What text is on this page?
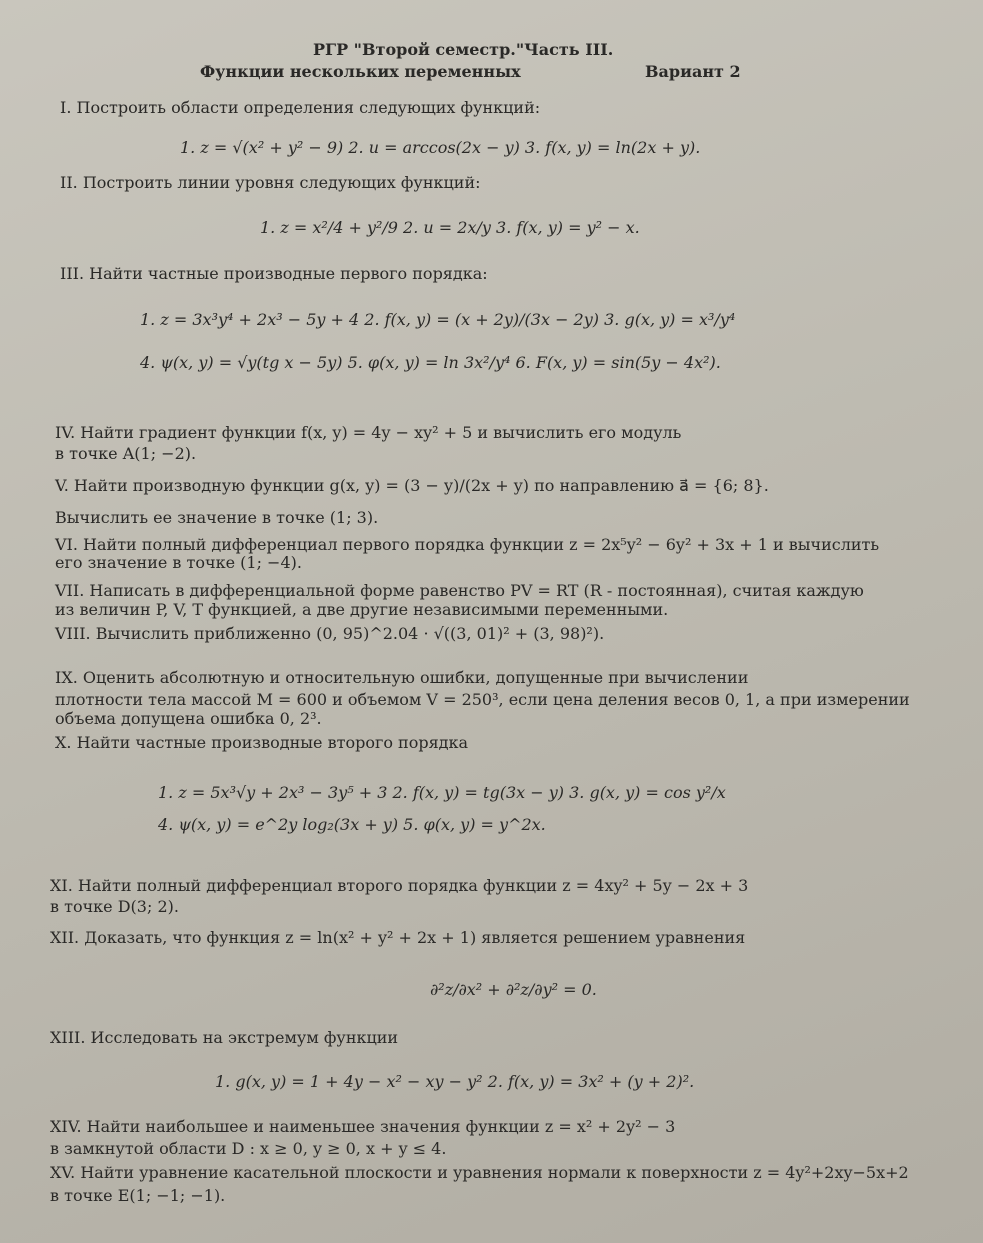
РГР "Второй семестр."Часть III.
Функции нескольких переменных	Вариант 2
I. Построить области определения следующих функций:
1. z = √(x² + y² − 9) 2. u = arccos(2x − y) 3. f(x, y) = ln(2x + y).
II. Построить линии уровня следующих функций:
1. z = x²/4 + y²/9 2. u = 2x/y 3. f(x, y) = y² − x.
III. Найти частные производные первого порядка:
1. z = 3x³y⁴ + 2x³ − 5y + 4 2. f(x, y) = (x + 2y)/(3x − 2y) 3. g(x, y) = x³/y⁴
4. ψ(x, y) = √y(tg x − 5y) 5. φ(x, y) = ln 3x²/y⁴ 6. F(x, y) = sin(5y − 4x²).
IV. Найти градиент функции f(x, y) = 4y − xy² + 5 и вычислить его модуль
в точке A(1; −2).
V. Найти производную функции g(x, y) = (3 − y)/(2x + y) по направлению a⃗ = {6; 8}.
Вычислить ее значение в точке (1; 3).
VI. Найти полный дифференциал первого порядка функции z = 2x⁵y² − 6y² + 3x + 1 и вычислить
его значение в точке (1; −4).
VII. Написать в дифференциальной форме равенство PV = RT (R - постоянная), считая каждую
из величин P, V, T функцией, а две другие независимыми переменными.
VIII. Вычислить приближенно (0, 95)^2.04 · √((3, 01)² + (3, 98)²).
IX. Оценить абсолютную и относительную ошибки, допущенные при вычислении
плотности тела массой M = 600 и объемом V = 250³, если цена деления весов 0, 1, а при измерении
объема допущена ошибка 0, 2³.
X. Найти частные производные второго порядка
1. z = 5x³√y + 2x³ − 3y⁵ + 3 2. f(x, y) = tg(3x − y) 3. g(x, y) = cos y²/x
4. ψ(x, y) = e^2y log₂(3x + y) 5. φ(x, y) = y^2x.
XI. Найти полный дифференциал второго порядка функции z = 4xy² + 5y − 2x + 3
в точке D(3; 2).
XII. Доказать, что функция z = ln(x² + y² + 2x + 1) является решением уравнения
∂²z/∂x² + ∂²z/∂y² = 0.
XIII. Исследовать на экстремум функции
1. g(x, y) = 1 + 4y − x² − xy − y² 2. f(x, y) = 3x² + (y + 2)².
XIV. Найти наибольшее и наименьшее значения функции z = x² + 2y² − 3
в замкнутой области D : x ≥ 0, y ≥ 0, x + y ≤ 4.
XV. Найти уравнение касательной плоскости и уравнения нормали к поверхности z = 4y²+2xy−5x+2
в точке E(1; −1; −1).
